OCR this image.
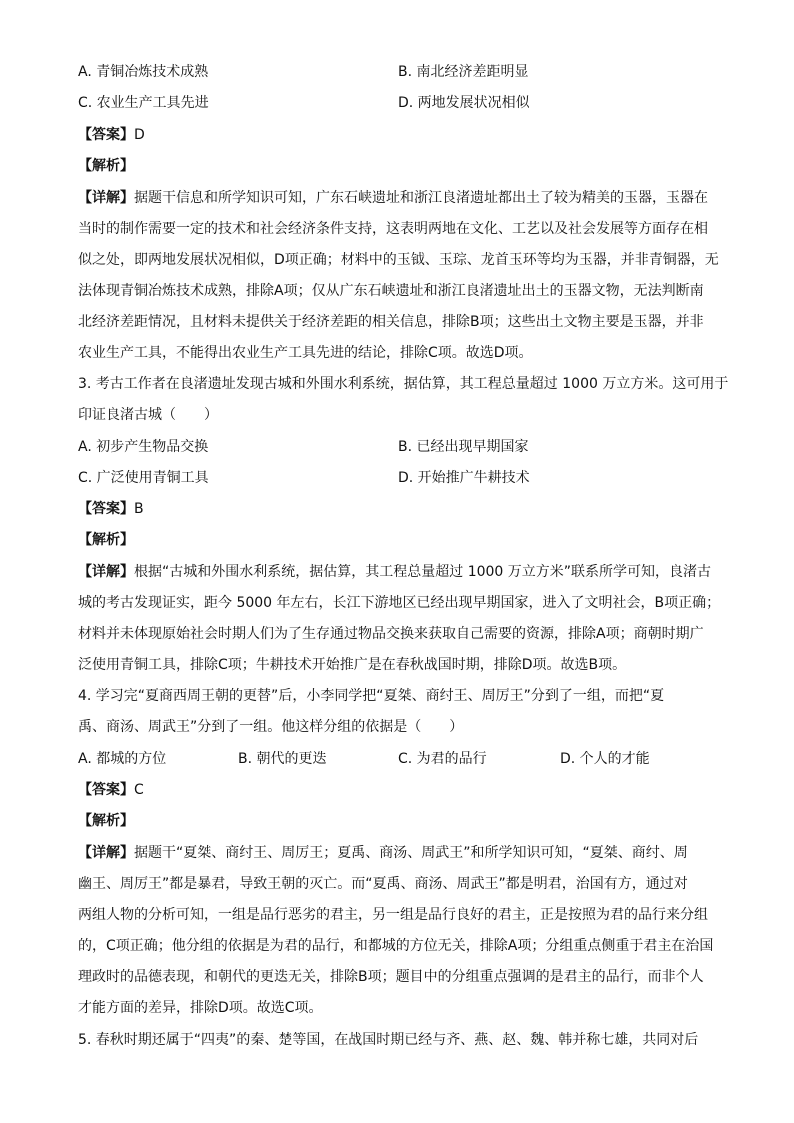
A. 青铜冶炼技术成熟	B. 南北经济差距明显
C. 农业生产工具先进	D. 两地发展状况相似
【答案】D
【解析】
【详解】据题干信息和所学知识可知，广东石峡遗址和浙江良渚遗址都出土了较为精美的玉器，玉器在
当时的制作需要一定的技术和社会经济条件支持，这表明两地在文化、工艺以及社会发展等方面存在相
似之处，即两地发展状况相似，D项正确；材料中的玉钺、玉琮、龙首玉环等均为玉器，并非青铜器，无
法体现青铜冶炼技术成熟，排除A项；仅从广东石峡遗址和浙江良渚遗址出土的玉器文物，无法判断南
北经济差距情况，且材料未提供关于经济差距的相关信息，排除B项；这些出土文物主要是玉器，并非
农业生产工具，不能得出农业生产工具先进的结论，排除C项。故选D项。
3. 考古工作者在良渚遗址发现古城和外围水利系统，据估算，其工程总量超过 1000 万立方米。这可用于
印证良渚古城（　　）
A. 初步产生物品交换	B. 已经出现早期国家
C. 广泛使用青铜工具	D. 开始推广牛耕技术
【答案】B
【解析】
【详解】根据“古城和外围水利系统，据估算，其工程总量超过 1000 万立方米”联系所学可知，良渚古
城的考古发现证实，距今 5000 年左右，长江下游地区已经出现早期国家，进入了文明社会，B项正确；
材料并未体现原始社会时期人们为了生存通过物品交换来获取自己需要的资源，排除A项；商朝时期广
泛使用青铜工具，排除C项；牛耕技术开始推广是在春秋战国时期，排除D项。故选B项。
4. 学习完“夏商西周王朝的更替”后，小李同学把“夏桀、商纣王、周厉王”分到了一组，而把“夏
禹、商汤、周武王”分到了一组。他这样分组的依据是（　　）
A. 都城的方位	B. 朝代的更迭	C. 为君的品行	D. 个人的才能
【答案】C
【解析】
【详解】据题干“夏桀、商纣王、周厉王；夏禹、商汤、周武王”和所学知识可知，“夏桀、商纣、周
幽王、周厉王”都是暴君，导致王朝的灭亡。而“夏禹、商汤、周武王”都是明君，治国有方，通过对
两组人物的分析可知，一组是品行恶劣的君主，另一组是品行良好的君主，正是按照为君的品行来分组
的，C项正确；他分组的依据是为君的品行，和都城的方位无关，排除A项；分组重点侧重于君主在治国
理政时的品德表现，和朝代的更迭无关，排除B项；题目中的分组重点强调的是君主的品行，而非个人
才能方面的差异，排除D项。故选C项。
5. 春秋时期还属于“四夷”的秦、楚等国，在战国时期已经与齐、燕、赵、魏、韩并称七雄，共同对后
